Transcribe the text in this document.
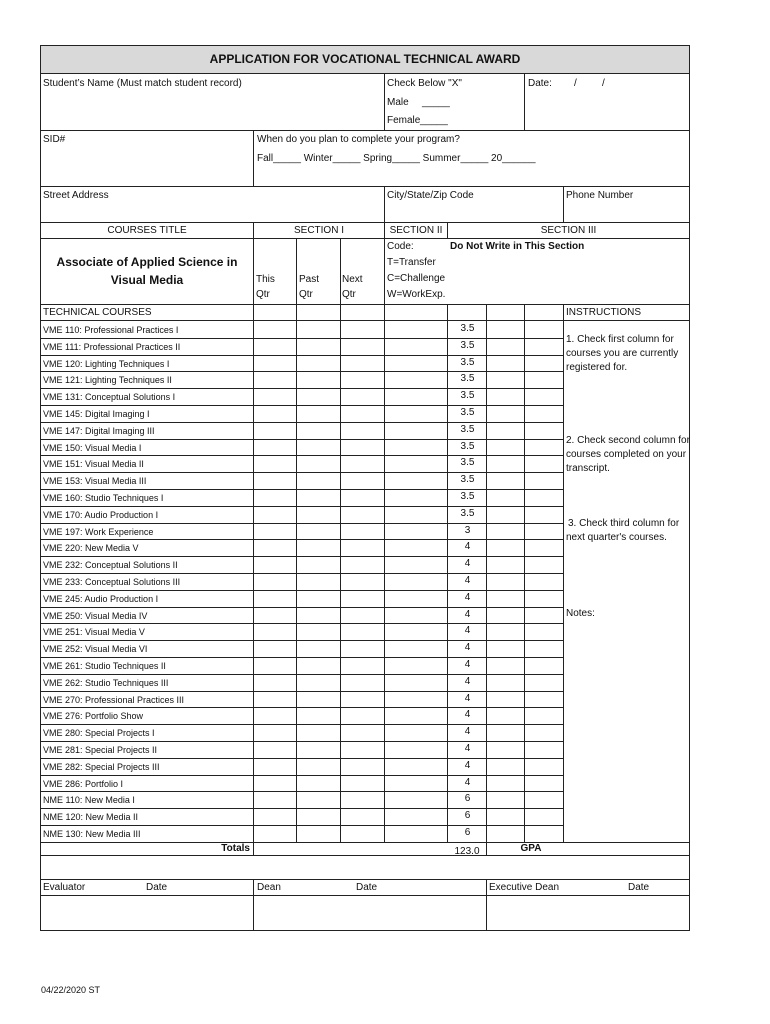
APPLICATION FOR VOCATIONAL TECHNICAL AWARD
Student’s Name (Must match student record)	Check Below "X"	Date: /	/
Male _____
Female _____
SID#	When do you plan to complete your program?
Fall_____ Winter_____ Spring_____ Summer_____ 20______
Street Address	City/State/Zip Code	Phone Number
COURSES TITLE	SECTION I	SECTION II	SECTION III
Associate of Applied Science in
Visual Media	This
Qtr
Past
Qtr
Next
Qtr
Code:
T=Transfer
C=Challenge
W=WorkExp.
Do Not Write in This Section
TECHNICAL COURSES	INSTRUCTIONS
VME 110: Professional Practices I	3.5
VME 111: Professional Practices II	3.5
VME 120: Lighting Techniques I	3.5
VME 121: Lighting Techniques II	3.5
VME 131: Conceptual Solutions I	3.5
VME 145: Digital Imaging I	3.5
VME 147: Digital Imaging III	3.5
VME 150: Visual Media I	3.5
VME 151: Visual Media II	3.5
VME 153: Visual Media III	3.5
VME 160: Studio Techniques I	3.5
VME 170: Audio Production I	3.5
VME 197: Work Experience	3
VME 220: New Media V	4
VME 232: Conceptual Solutions II	4
VME 233: Conceptual Solutions III	4
VME 245: Audio Production I	4
VME 250: Visual Media IV	4
VME 251: Visual Media V	4
VME 252: Visual Media VI	4
VME 261: Studio Techniques II	4
VME 262: Studio Techniques III	4
VME 270: Professional Practices III	4
VME 276: Portfolio Show	4
VME 280: Special Projects I	4
VME 281: Special Projects II	4
VME 282: Special Projects III	4
VME 286: Portfolio I	4
NME 110: New Media I	6
NME 120: New Media II	6
NME 130: New Media III	6
1. Check first column for
courses you are currently
registered for.
2. Check second column for
courses completed on your
transcript.
3. Check third column for
next quarter's courses.
Notes:
Totals	123.0	GPA
Evaluator	Date	Dean	Date	Executive Dean	Date
04/22/2020 ST
